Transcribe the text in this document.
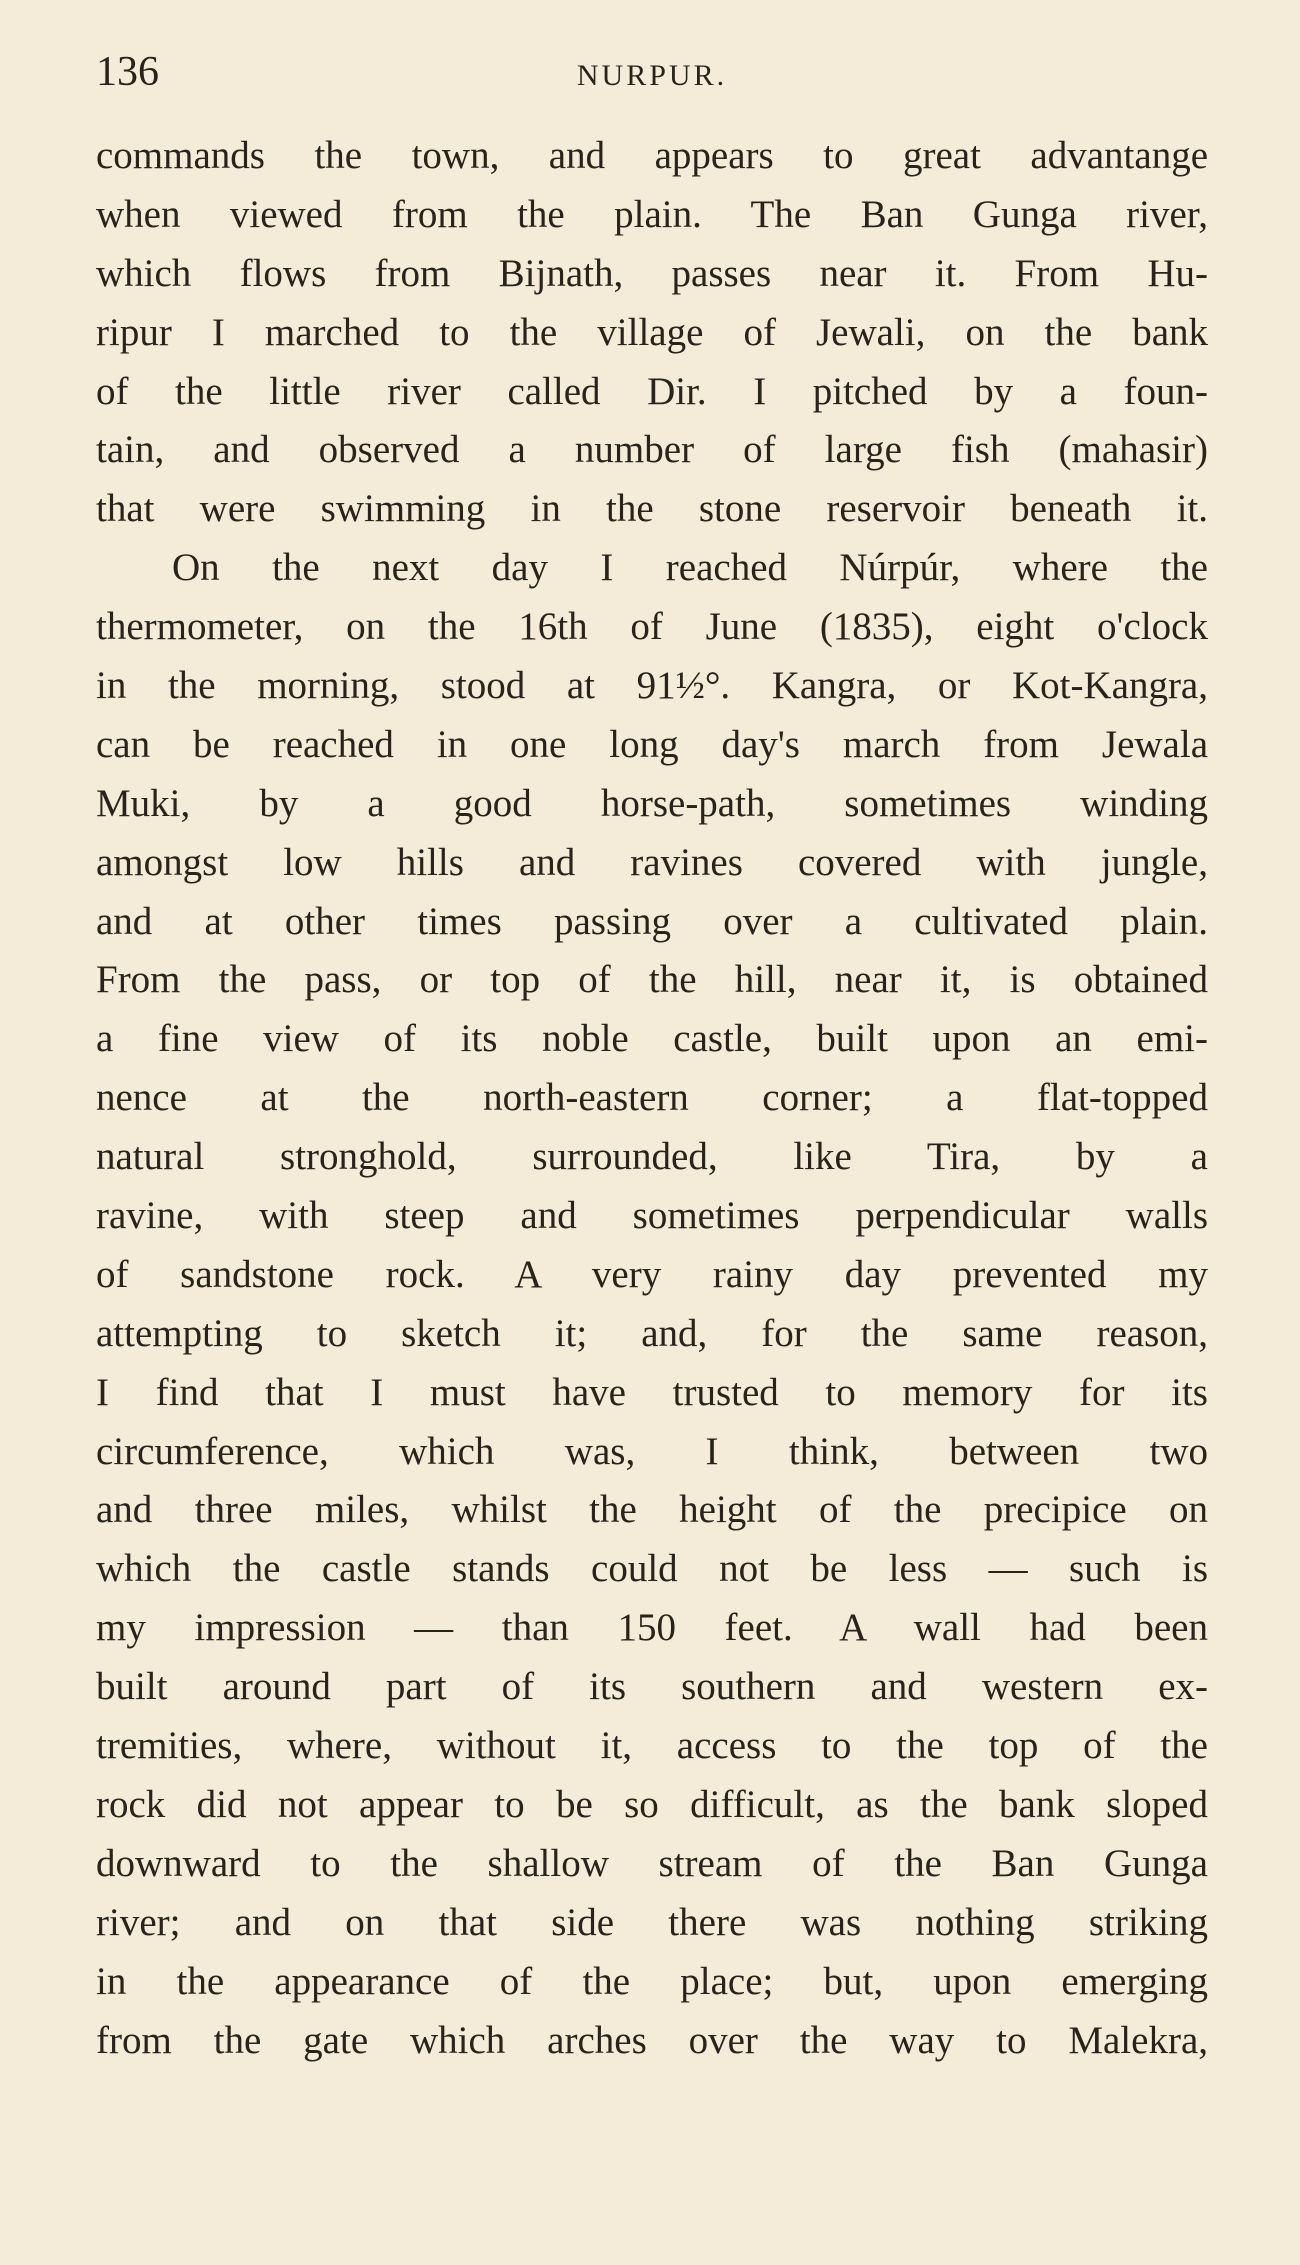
136	NURPUR.
commands the town, and appears to great advantange
when viewed from the plain. The Ban Gunga river,
which flows from Bijnath, passes near it. From Hu-
ripur I marched to the village of Jewali, on the bank
of the little river called Dir. I pitched by a foun-
tain, and observed a number of large fish (mahasir)
that were swimming in the stone reservoir beneath it.
On the next day I reached Núrpúr, where the
thermometer, on the 16th of June (1835), eight o'clock
in the morning, stood at 91½°. Kangra, or Kot-Kangra,
can be reached in one long day's march from Jewala
Muki, by a good horse-path, sometimes winding
amongst low hills and ravines covered with jungle,
and at other times passing over a cultivated plain.
From the pass, or top of the hill, near it, is obtained
a fine view of its noble castle, built upon an emi-
nence at the north-eastern corner; a flat-topped
natural stronghold, surrounded, like Tira, by a
ravine, with steep and sometimes perpendicular walls
of sandstone rock. A very rainy day prevented my
attempting to sketch it; and, for the same reason,
I find that I must have trusted to memory for its
circumference, which was, I think, between two
and three miles, whilst the height of the precipice on
which the castle stands could not be less — such is
my impression — than 150 feet. A wall had been
built around part of its southern and western ex-
tremities, where, without it, access to the top of the
rock did not appear to be so difficult, as the bank sloped
downward to the shallow stream of the Ban Gunga
river; and on that side there was nothing striking
in the appearance of the place; but, upon emerging
from the gate which arches over the way to Malekra,
